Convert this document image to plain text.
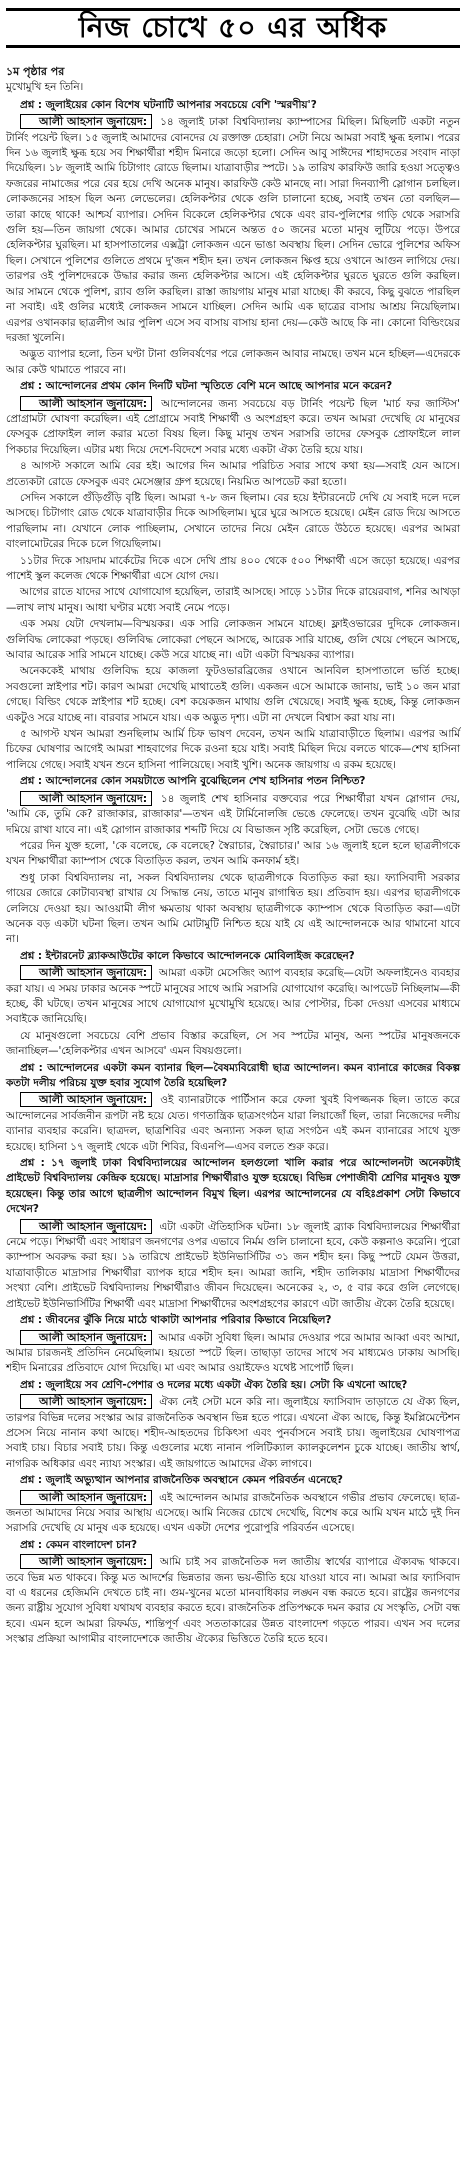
নিজ চোখে ৫০ এর অধিক
১ম পৃষ্ঠার পর
মুখোমুখি হন তিনি।

প্রশ্ন : জুলাইয়ের কোন বিশেষ ঘটনাটি আপনার সবচেয়ে বেশি 'স্মরণীয়'?

আলী আহসান জুনায়েদ: ১৪ জুলাই ঢাকা বিশ্ববিদ্যালয় ক্যাম্পাসের মিছিল। মিছিলটি একটা নতুন টার্নিং পয়েন্ট ছিল। ১৫ জুলাই আমাদের বোনদের যে রক্তাক্ত চেহারা। সেটা নিয়ে আমরা সবাই ক্ষুব্ধ হলাম। পরের দিন ১৬ জুলাই ক্ষুব্ধ হয়ে সব শিক্ষার্থীরা শহীদ মিনারে জড়ো হলো। সেদিন আবু সাঈদের শাহাদতের সংবাদ নাড়া দিয়েছিল। ১৮ জুলাই আমি চিটাগাং রোডে ছিলাম। যাত্রাবাড়ীর স্পটে। ১৯ তারিখ কারফিউ জারি হওয়া সত্ত্বেও ফজরের নামাজের পরে বের হয়ে দেখি অনেক মানুষ। কারফিউ কেউ মানছে না। সারা দিনব্যাপী স্লোগান চলছিল। লোকজনের সাহস ছিল অন্য লেভেলের। হেলিকপ্টার থেকে গুলি চালানো হচ্ছে, সবাই তখন তো বলছিল—তারা কাছে থাকে! আশ্চর্য ব্যাপার। সেদিন বিকেলে হেলিকপ্টার থেকে এবং রাব-পুলিশের গাড়ি থেকে সরাসরি গুলি হয়—তিন জায়গা থেকে। আমার চোখের সামনে অন্তত ৫০ জনের মতো মানুষ লুটিয়ে পড়ে। উপরে হেলিকপ্টার ঘুরছিল। মা হাসপাতালের এক্সট্রা লোকজন এনে ভাঙা অবস্থায় ছিল। সেদিন ভোরে পুলিশের অফিস ছিল। সেখানে পুলিশের গুলিতে প্রথমে দু'জন শহীদ হন। তখন লোকজন ক্ষিপ্ত হয়ে ওখানে আগুন লাগিয়ে দেয়। তারপর ওই পুলিশদেরকে উদ্ধার করার জন্য হেলিকপ্টার আসে। এই হেলিকপ্টার ঘুরতে ঘুরতে গুলি করছিল। আর সামনে থেকে পুলিশ, র‍্যাব গুলি করছিল। রাস্তা জায়গায় মানুষ মারা যাচ্ছে। কী করবে, কিছু বুঝতে পারছিল না সবাই। এই গুলির মধ্যেই লোকজন সামনে যাচ্ছিল। সেদিন আমি এক ছাত্রের বাসায় আশ্রয় নিয়েছিলাম। এরপর ওখানকার ছাত্রলীগ আর পুলিশ এসে সব বাসায় বাসায় হানা দেয়—কেউ আছে কি না। কোনো বিল্ডিংয়ের দরজা খুলেনি।

অদ্ভুত ব্যাপার হলো, তিন ঘণ্টা টানা গুলিবর্ষণের পরে লোকজন আবার নামছে। তখন মনে হচ্ছিল—এদেরকে আর কেউ থামাতে পারবে না।

প্রশ্ন : আন্দোলনের প্রথম কোন দিনটি ঘটনা স্মৃতিতে বেশি মনে আছে আপনার মনে করেন?

আলী আহসান জুনায়েদ: আন্দোলনের জন্য সবচেয়ে বড় টার্নিং পয়েন্ট ছিল 'মার্চ ফর জাস্টিস' প্রোগ্রামটা ঘোষণা করেছিল। এই প্রোগ্রামে সবাই শিক্ষার্থী ও অংশগ্রহণ করে। তখন আমরা দেখেছি যে মানুষের ফেসবুক প্রোফাইল লাল করার মতো বিষয় ছিল। কিছু মানুষ তখন সরাসরি তাদের ফেসবুক প্রোফাইলে লাল পিকচার দিয়েছিল। এটার মধ্য দিয়ে দেশে-বিদেশে সবার মধ্যে একটা ঐক্য তৈরি হয়ে যায়।

৪ আগস্ট সকালে আমি বের হই। আগের দিন আমার পরিচিত সবার সাথে কথা হয়—সবাই যেন আসে। প্রত্যেকটা রোডে ফেসবুক এবং মেসেঞ্জার গ্রুপ হয়েছে। নিয়মিত আপডেট করা হতো।

সেদিন সকালে গুঁড়িগুঁড়ি বৃষ্টি ছিল। আমরা ৭-৮ জন ছিলাম। বের হয়ে ইন্টারনেটে দেখি যে সবাই দলে দলে আসছে। চিটাগাং রোড থেকে যাত্রাবাড়ীর দিকে আসছিলাম। ঘুরে ঘুরে আসতে হয়েছে। মেইন রোড দিয়ে আসতে পারছিলাম না। যেখানে লোক পাচ্ছিলাম, সেখানে তাদের নিয়ে মেইন রোডে উঠতে হয়েছে। এরপর আমরা বাংলামোটরের দিকে চলে গিয়েছিলাম।

১১টার দিকে সায়দাম মার্কেটের দিকে এসে দেখি প্রায় ৪০০ থেকে ৫০০ শিক্ষার্থী এসে জড়ো হয়েছে। এরপর পাশেই স্কুল কলেজ থেকে শিক্ষার্থীরা এসে যোগ দেয়।

আগের রাতে যাদের সাথে যোগাযোগ হয়েছিল, তারাই আসছে। সাড়ে ১১টার দিকে রায়েরবাগ, শনির আখড়া—লাখ লাখ মানুষ। আধা ঘণ্টার মধ্যে সবাই নেমে পড়ে।

এক সময় যেটা দেখলাম—বিস্ময়কর। এক সারি লোকজন সামনে যাচ্ছে। ফ্লাইওভারের দুদিকে লোকজন। গুলিবিদ্ধ লোকেরা পড়ছে। গুলিবিদ্ধ লোকেরা পেছনে আসছে, আরেক সারি যাচ্ছে, গুলি খেয়ে পেছনে আসছে, আবার আরেক সারি সামনে যাচ্ছে। কেউ সরে যাচ্ছে না। এটা একটা বিস্ময়কর ব্যাপার।

অনেককেই মাথায় গুলিবিদ্ধ হয়ে কাজলা ফুটওভারব্রিজের ওখানে আনবিল হাসপাতালে ভর্তি হচ্ছে। সবগুলো স্নাইপার শট। কারণ আমরা দেখেছি মাথাতেই গুলি। একজন এসে আমাকে জানায়, ভাই ১০ জন মারা গেছে। বিল্ডিং থেকে স্নাইপার শট হচ্ছে। বেশ কয়েকজন মাথায় গুলি খেয়েছে। সবাই ক্ষুব্ধ হচ্ছে, কিন্তু লোকজন একটুও সরে যাচ্ছে না। বারবার সামনে যায়। এক অদ্ভুত দৃশ্য। এটা না দেখলে বিশ্বাস করা যায় না।

৫ আগস্ট যখন আমরা শুনছিলাম আর্মি চিফ ভাষণ দেবেন, তখন আমি যাত্রাবাড়ীতে ছিলাম। এরপর আর্মি চিফের ঘোষণার আগেই আমরা শাহবাগের দিকে রওনা হয়ে যাই। সবাই মিছিল দিয়ে বলতে থাকে—শেখ হাসিনা পালিয়ে গেছে। সবাই যখন শুনে হাসিনা পালিয়েছে। সবাই খুশি। অনেক জায়গায় এ রকম হয়েছে।

প্রশ্ন : আন্দোলনের কোন সময়টাতে আপনি বুঝেছিলেন শেখ হাসিনার পতন নিশ্চিত?

আলী আহসান জুনায়েদ: ১৪ জুলাই শেখ হাসিনার বক্তব্যের পরে শিক্ষার্থীরা যখন স্লোগান দেয়, 'আমি কে, তুমি কে? রাজাকার, রাজাকার'—তখন এই টার্মিনোলজি ভেঙে ফেলেছে। তখন বুঝেছি এটা আর দমিয়ে রাখা যাবে না। এই স্লোগান রাজাকার শব্দটি দিয়ে যে বিভাজন সৃষ্টি করেছিল, সেটা ভেঙে গেছে।

পরের দিন যুক্ত হলো, 'কে বলেছে, কে বলেছে? স্বৈরাচার, স্বৈরাচার।' আর ১৬ জুলাই হলে হলে ছাত্রলীগকে যখন শিক্ষার্থীরা ক্যাম্পাস থেকে বিতাড়িত করল, তখন আমি কনফার্ম হই।

শুধু ঢাকা বিশ্ববিদ্যালয় না, সকল বিশ্ববিদ্যালয় থেকে ছাত্রলীগকে বিতাড়িত করা হয়। ফ্যাসিবাদী সরকার গায়ের জোরে কোটাব্যবস্থা রাখার যে সিদ্ধান্ত নেয়, তাতে মানুষ রাগান্বিত হয়। প্রতিবাদ হয়। এরপর ছাত্রলীগকে লেলিয়ে দেওয়া হয়। আওয়ামী লীগ ক্ষমতায় থাকা অবস্থায় ছাত্রলীগকে ক্যাম্পাস থেকে বিতাড়িত করা—এটা অনেক বড় একটা ঘটনা ছিল। তখন আমি মোটামুটি নিশ্চিত হয়ে যাই যে এই আন্দোলনকে আর থামানো যাবে না।

প্রশ্ন : ইন্টারনেট ব্ল্যাকআউটের কালে কিভাবে আন্দোলনকে মোবিলাইজ করেছেন?

আলী আহসান জুনায়েদ: আমরা একটা মেসেজিং অ্যাপ ব্যবহার করেছি—যেটা অফলাইনেও ব্যবহার করা যায়। এ সময় ঢাকার অনেক স্পটে মানুষের সাথে আমি সরাসরি যোগাযোগ করেছি। আপডেট নিচ্ছিলাম—কী হচ্ছে, কী ঘটছে। তখন মানুষের সাথে যোগাযোগ মুখোমুখি হয়েছে। আর পোস্টার, চিকা দেওয়া এসবের মাধ্যমে সবাইকে জানিয়েছি।

যে মানুষগুলো সবচেয়ে বেশি প্রভাব বিস্তার করেছিল, সে সব স্পটের মানুষ, অন্য স্পটের মানুষজনকে জানাচ্ছিল—'হেলিকপ্টার এখন আসবে' এমন বিষয়গুলো।

প্রশ্ন : আন্দোলনের একটা কমন ব্যানার ছিল—বৈষম্যবিরোধী ছাত্র আন্দোলন। কমন ব্যানারে কাজের বিকল্প কতটা দলীয় পরিচয় যুক্ত হবার সুযোগ তৈরি হয়েছিল?

আলী আহসান জুনায়েদ: ওই ব্যানারটাকে পার্টিসান করে ফেলা খুবই বিপজ্জনক ছিল। তাতে করে আন্দোলনের সার্বজনীন রূপটা নষ্ট হয়ে যেত। গণতান্ত্রিক ছাত্রসংগঠন যারা লিয়াজোঁ ছিল, তারা নিজেদের দলীয় ব্যানার ব্যবহার করেনি। ছাত্রদল, ছাত্রশিবির এবং অন্যান্য সকল ছাত্র সংগঠন এই কমন ব্যানারের সাথে যুক্ত হয়েছে। হাসিনা ১৭ জুলাই থেকে এটা শিবির, বিএনপি—এসব বলতে শুরু করে।

প্রশ্ন : ১৭ জুলাই ঢাকা বিশ্ববিদ্যালয়ের আন্দোলন হলগুলো খালি করার পরে আন্দোলনটা অনেকটাই প্রাইভেট বিশ্ববিদ্যালয় কেন্দ্রিক হয়েছে। মাদ্রাসার শিক্ষার্থীরাও যুক্ত হয়েছে। বিভিন্ন পেশাজীবী শ্রেণির মানুষও যুক্ত হয়েছেন। কিন্তু তার আগে ছাত্রলীগ আন্দোলন বিমুখ ছিল। এরপর আন্দোলনের যে বহিঃপ্রকাশ সেটা কিভাবে দেখেন?

আলী আহসান জুনায়েদ: এটা একটা ঐতিহাসিক ঘটনা। ১৮ জুলাই ব্র্যাক বিশ্ববিদ্যালয়ের শিক্ষার্থীরা নেমে পড়ে। শিক্ষার্থী এবং সাধারণ জনগণের ওপর এভাবে নির্মম গুলি চালানো হবে, কেউ কল্পনাও করেনি। পুরো ক্যাম্পাস অবরুদ্ধ করা হয়। ১৯ তারিখে প্রাইভেট ইউনিভার্সিটির ৩১ জন শহীদ হন। কিছু স্পটে যেমন উত্তরা, যাত্রাবাড়ীতে মাদ্রাসার শিক্ষার্থীরা ব্যাপক হারে শহীদ হন। আমরা জানি, শহীদ তালিকায় মাদ্রাসা শিক্ষার্থীদের সংখ্যা বেশি। প্রাইভেট বিশ্ববিদ্যালয় শিক্ষার্থীরাও জীবন দিয়েছেন। অনেকের ২, ৩, ৫ বার করে গুলি লেগেছে। প্রাইভেট ইউনিভার্সিটির শিক্ষার্থী এবং মাদ্রাসা শিক্ষার্থীদের অংশগ্রহণের কারণে এটা জাতীয় ঐক্যে তৈরি হয়েছে।

প্রশ্ন : জীবনের ঝুঁকি নিয়ে মাঠে থাকাটা আপনার পরিবার কিভাবে নিয়েছিল?

আলী আহসান জুনায়েদ: আমার একটা সুবিধা ছিল। আমার দেওয়ার পরে আমার আব্বা এবং আম্মা, আমার চারজনই প্রতিদিন নেমেছিলাম। হয়তো স্পটে ছিল। তাছাড়া তাদের সাথে সব মাধ্যমেও ঢাকায় আসছি। শহীদ মিনারের প্রতিবাদে যোগ দিয়েছি। মা এবং আমার ওয়াইফেও যথেষ্ট সাপোর্ট ছিল।

প্রশ্ন : জুলাইয়ে সব শ্রেণি-পেশার ও দলের মধ্যে একটা ঐক্য তৈরি হয়। সেটা কি এখনো আছে?

আলী আহসান জুনায়েদ: ঐক্য নেই সেটা মনে করি না। জুলাইয়ে ফ্যাসিবাদ তাড়াতে যে ঐক্য ছিল, তারপর বিভিন্ন দলের সংস্কার আর রাজনৈতিক অবস্থান ভিন্ন হতে পারে। এখনো ঐক্য আছে, কিন্তু ইমপ্লিমেন্টেশন প্রসেস নিয়ে নানান কথা আছে। শহীদ-আহতদের চিকিৎসা এবং পুনর্বাসনে সবাই চায়। জুলাইয়ের ঘোষণাপত্র সবাই চায়। বিচার সবাই চায়। কিন্তু এগুলোর মধ্যে নানান পলিটিক্যাল ক্যালকুলেশন চুকে যাচ্ছে। জাতীয় স্বার্থ, নাগরিক অধিকার এবং ন্যায্য সংস্কার। এই জায়গাতে আমাদের ঐক্য লাগবে।

প্রশ্ন : জুলাই অভ্যুত্থান আপনার রাজনৈতিক অবস্থানে কেমন পরিবর্তন এনেছে?

আলী আহসান জুনায়েদ: এই আন্দোলন আমার রাজনৈতিক অবস্থানে গভীর প্রভাব ফেলেছে। ছাত্র-জনতা আমাদের নিয়ে সবার আস্থায় এসেছে। আমি নিজের চোখে দেখেছি, বিশেষ করে আমি যখন মাঠে দুই দিন সরাসরি দেখেছি যে মানুষ এক হয়েছে। এখন একটা দেশের পুরোপুরি পরিবর্তন এসেছে।

প্রশ্ন : কেমন বাংলাদেশ চান?

আলী আহসান জুনায়েদ: আমি চাই সব রাজনৈতিক দল জাতীয় স্বার্থের ব্যাপারে ঐক্যবদ্ধ থাকবে। তবে ভিন্ন মত থাকবে। কিন্তু মত আদর্শের ভিন্নতার জন্য ভয়-ভীতি হয়ে যাওয়া যাবে না। আমরা আর ফ্যাসিবাদ বা এ ধরনের হেজিমনি দেখতে চাই না। গুম-খুনের মতো মানবাধিকার লঙ্ঘন বন্ধ করতে হবে। রাষ্ট্রের জনগণের জন্য রাষ্ট্রীয় সুযোগ সুবিধা যথাযথ ব্যবহার করতে হবে। রাজনৈতিক প্রতিপক্ষকে দমন করার যে সংস্কৃতি, সেটা বন্ধ হবে। এমন হলে আমরা রিফর্মড, শান্তিপূর্ণ এবং সততাকারের উন্নত বাংলাদেশ গড়তে পারব। এখন সব দলের সংস্কার প্রক্রিয়া আগামীর বাংলাদেশকে জাতীয় ঐক্যের ভিত্তিতে তৈরি হতে হবে।
